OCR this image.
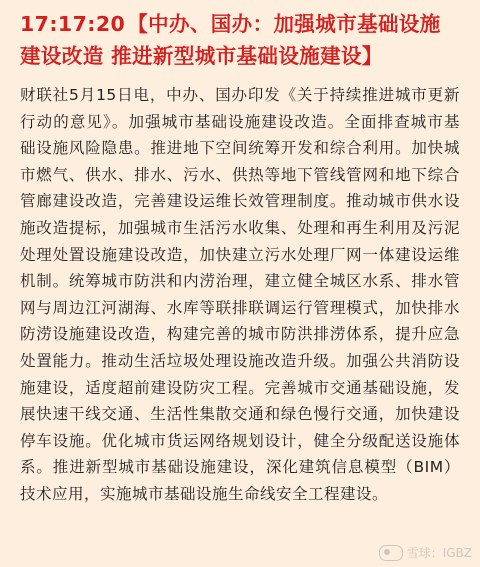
17:17:20【中办、国办：加强城市基础设施建设改造 推进新型城市基础设施建设】

财联社5月15日电，中办、国办印发《关于持续推进城市更新行动的意见》。加强城市基础设施建设改造。全面排查城市基础设施风险隐患。推进地下空间统筹开发和综合利用。加快城市燃气、供水、排水、污水、供热等地下管线管网和地下综合管廊建设改造，完善建设运维长效管理制度。推动城市供水设施改造提标，加强城市生活污水收集、处理和再生利用及污泥处理处置设施建设改造，加快建立污水处理厂网一体建设运维机制。统筹城市防洪和内涝治理，建立健全城区水系、排水管网与周边江河湖海、水库等联排联调运行管理模式，加快排水防涝设施建设改造，构建完善的城市防洪排涝体系，提升应急处置能力。推动生活垃圾处理设施改造升级。加强公共消防设施建设，适度超前建设防灾工程。完善城市交通基础设施，发展快速干线交通、生活性集散交通和绿色慢行交通，加快建设停车设施。优化城市货运网络规划设计，健全分级配送设施体系。推进新型城市基础设施建设，深化建筑信息模型（BIM）技术应用，实施城市基础设施生命线安全工程建设。

雪球：IGBZ
